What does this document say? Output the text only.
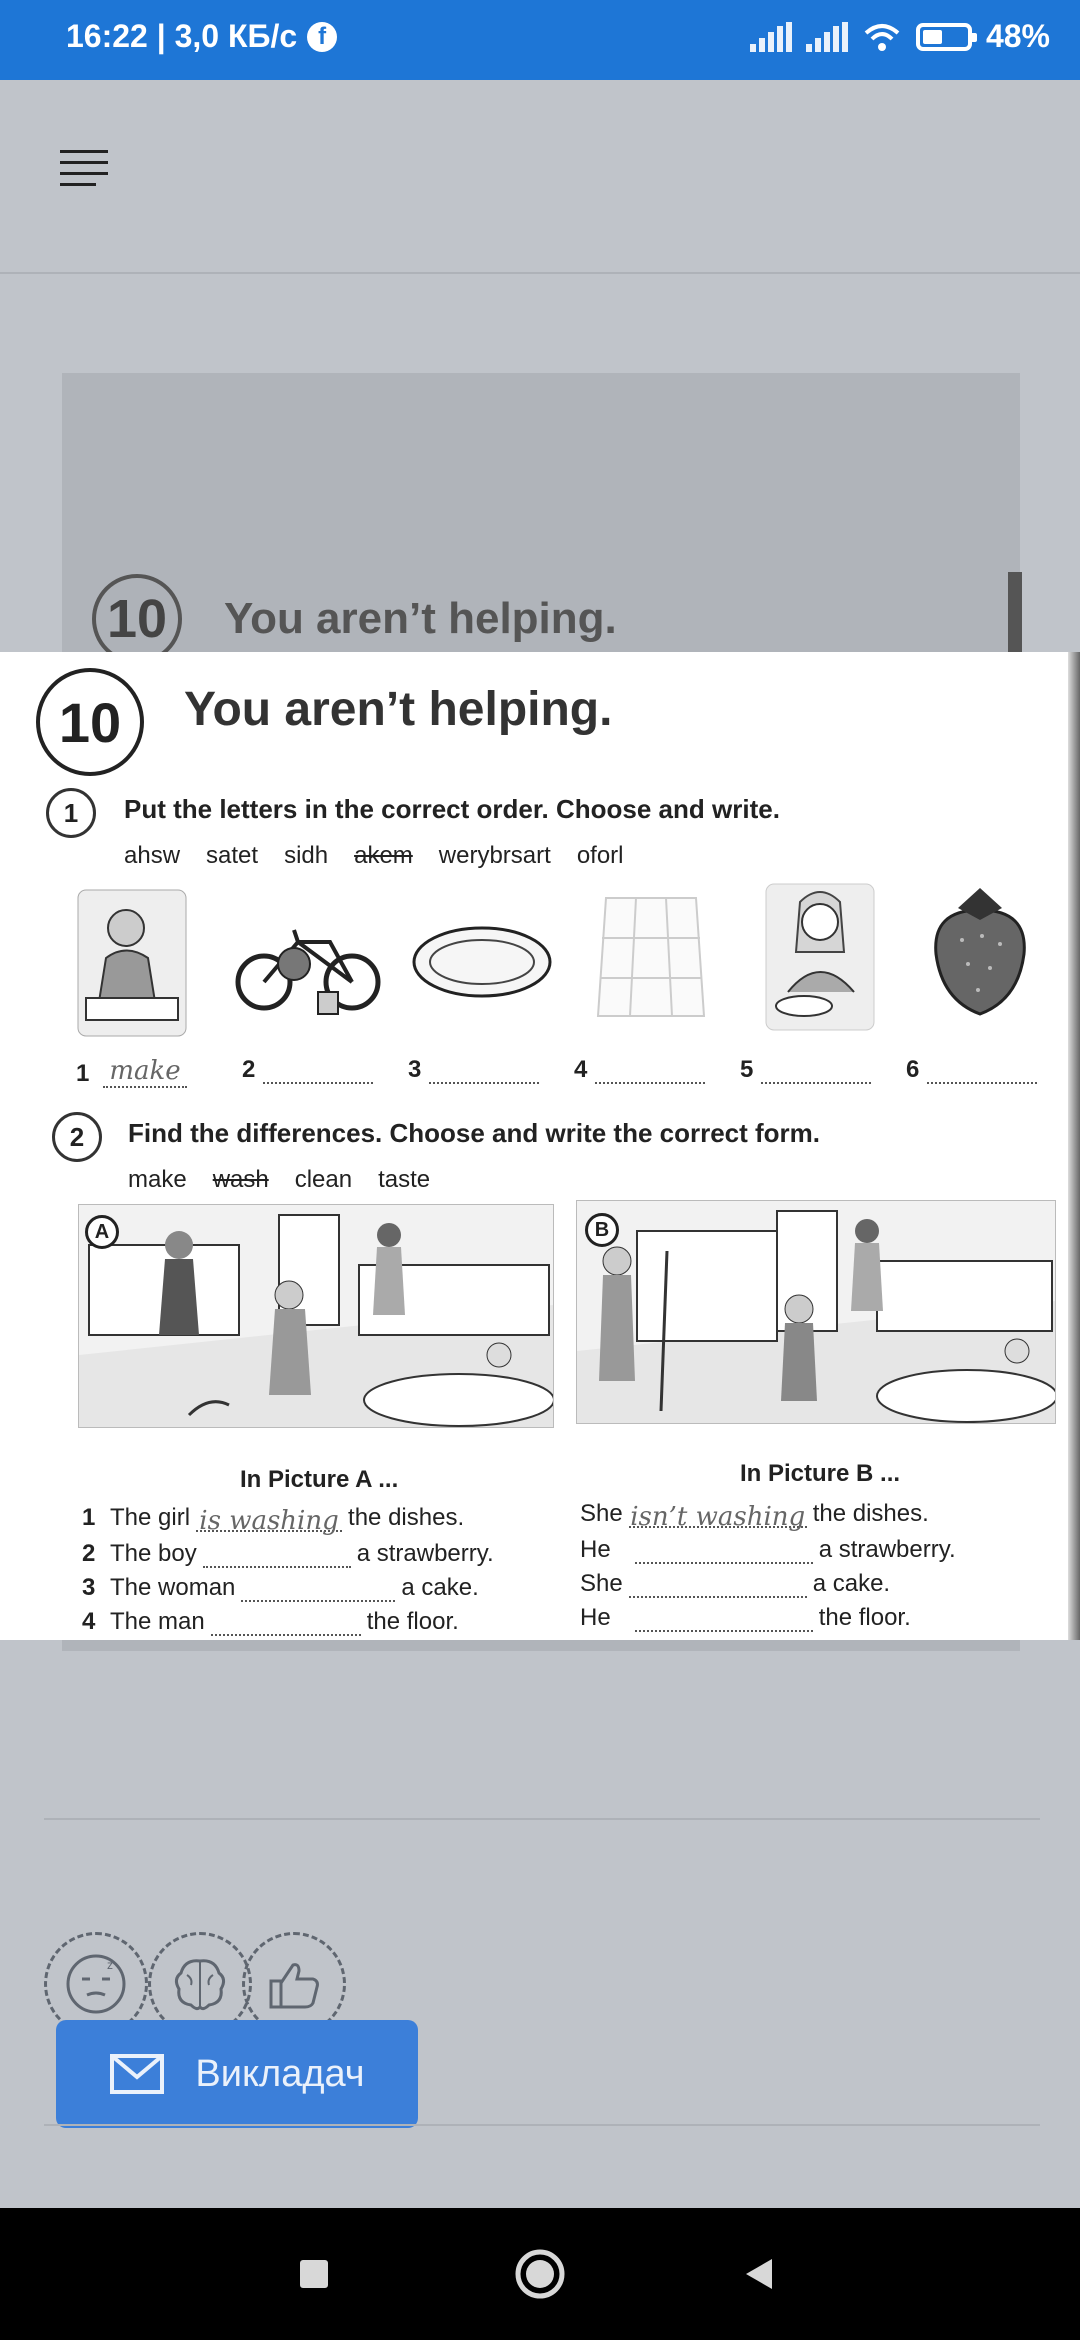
16:22 | 3,0 КБ/с f	48%
10	You aren’t helping.
10	You aren’t helping.
1	Put the letters in the correct order. Choose and write.
ahsw satet sidh akem werybrsart oforl
1 make	2	3	4	5	6
2	Find the differences. Choose and write the correct form.
make wash clean taste
A	B
In Picture A ...	In Picture B ...
1 The girl is washing the dishes.
2 The boy	a strawberry.
3 The woman	a cake.
4 The man	the floor.
She isn’t washing the dishes.
He	a strawberry.
She	a cake.
He	the floor.
z
Викладач
